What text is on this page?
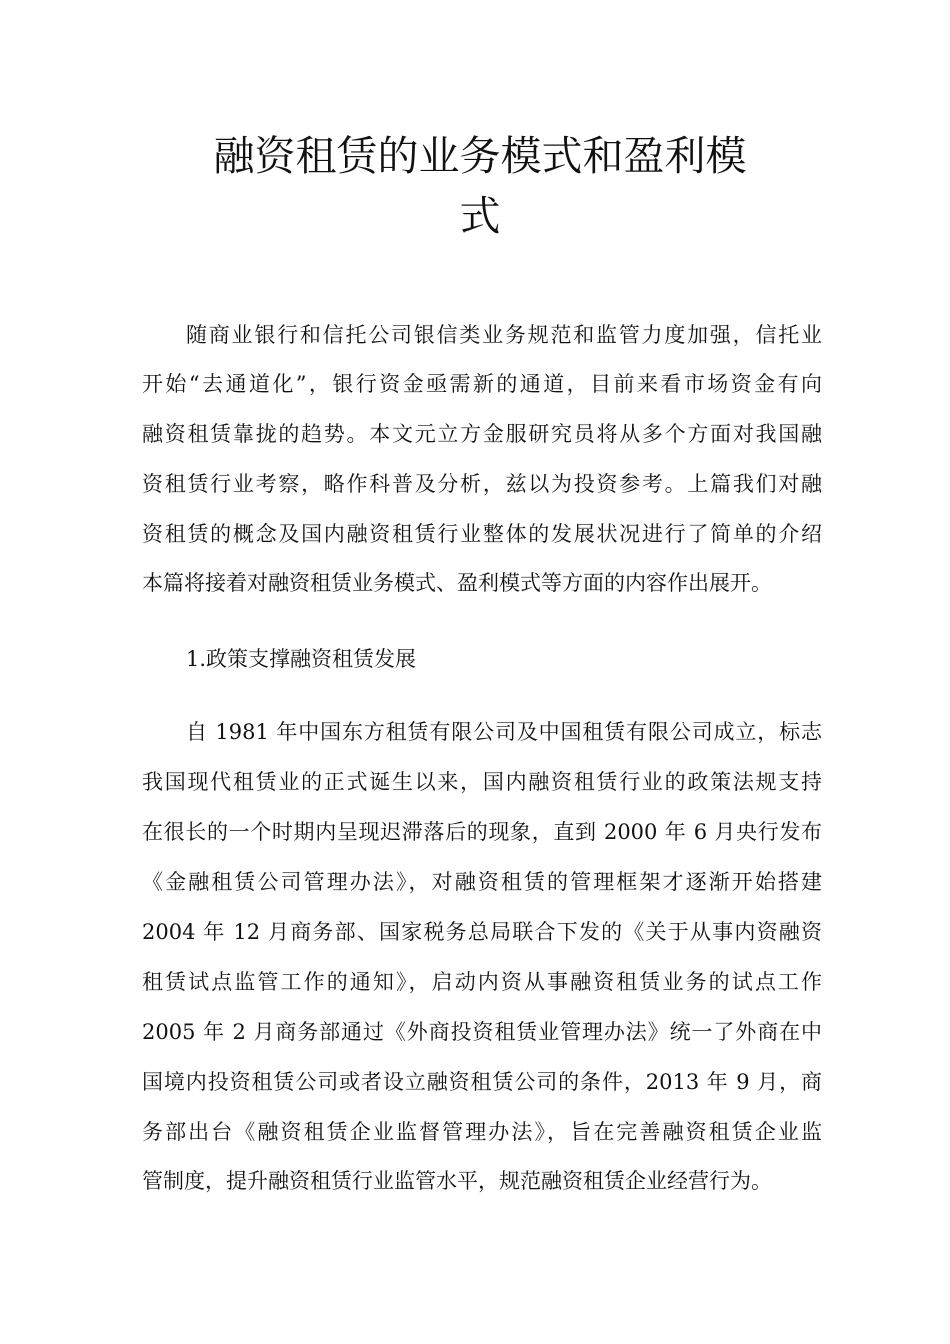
融资租赁的业务模式和盈利模
式
随商业银行和信托公司银信类业务规范和监管力度加强，信托业
开始“去通道化”，银行资金亟需新的通道，目前来看市场资金有向
融资租赁靠拢的趋势。本文元立方金服研究员将从多个方面对我国融
资租赁行业考察，略作科普及分析，兹以为投资参考。上篇我们对融
资租赁的概念及国内融资租赁行业整体的发展状况进行了简单的介绍
本篇将接着对融资租赁业务模式、盈利模式等方面的内容作出展开。
1.政策支撑融资租赁发展
自 1981 年中国东方租赁有限公司及中国租赁有限公司成立，标志
我国现代租赁业的正式诞生以来，国内融资租赁行业的政策法规支持
在很长的一个时期内呈现迟滞落后的现象，直到 2000 年 6 月央行发布
《金融租赁公司管理办法》，对融资租赁的管理框架才逐渐开始搭建
2004 年 12 月商务部、国家税务总局联合下发的《关于从事内资融资
租赁试点监管工作的通知》，启动内资从事融资租赁业务的试点工作
2005 年 2 月商务部通过《外商投资租赁业管理办法》统一了外商在中
国境内投资租赁公司或者设立融资租赁公司的条件，2013 年 9 月，商
务部出台《融资租赁企业监督管理办法》，旨在完善融资租赁企业监
管制度，提升融资租赁行业监管水平，规范融资租赁企业经营行为。
